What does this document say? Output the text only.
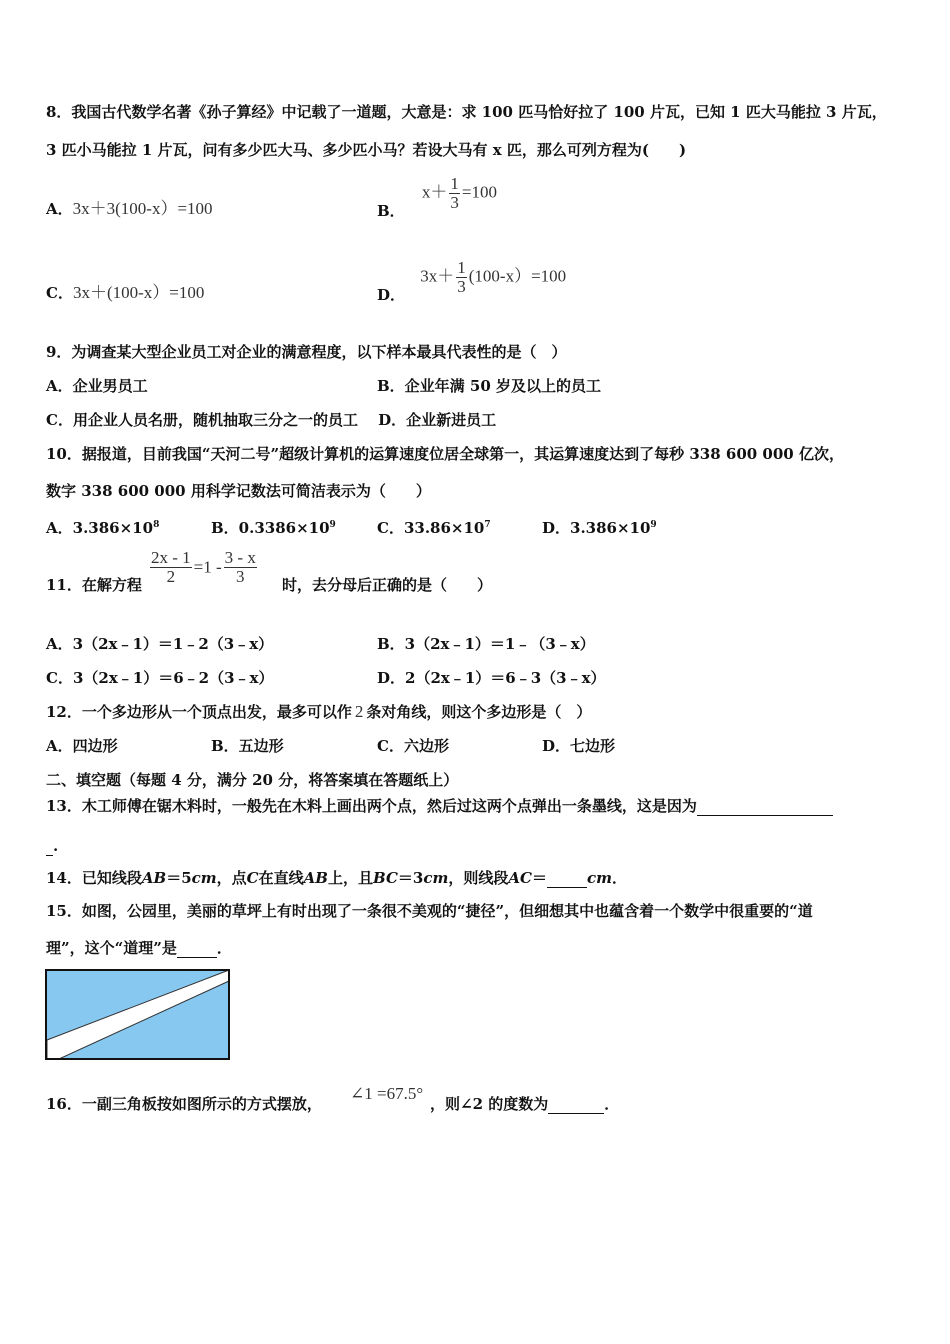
8．我国古代数学名著《孙子算经》中记载了一道题，大意是：求 100 匹马恰好拉了 100 片瓦，已知 1 匹大马能拉 3 片瓦，
3 匹小马能拉 1 片瓦，问有多少匹大马、多少匹小马？若设大马有 x 匹，那么可列方程为(　　)
A．3x＋3(100-x）=100	B． $x+ \frac{1}{3} =100$
C．3x＋(100-x）=100	D． $3x+ \frac{1}{3} (100-x)=100$
9．为调查某大型企业员工对企业的满意程度，以下样本最具代表性的是（　）
A．企业男员工	B．企业年满 50 岁及以上的员工
C．用企业人员名册，随机抽取三分之一的员工　 D．企业新进员工
10．据报道，目前我国“天河二号”超级计算机的运算速度位居全球第一，其运算速度达到了每秒 338 600 000 亿次，
数字 338 600 000 用科学记数法可简洁表示为（　　）
A．$3.386\times 10^8$	B．$0.3386\times 10^9$	C．$33.86\times 10^7$	D．$3.386\times 10^9$
11．在解方程 $\frac{2x - 1}{2} =1 - \frac{3 - x}{3}$ 时，去分母后正确的是（　　）
A．3（2x﹣1）＝1﹣2（3﹣x）	B．3（2x﹣1）＝1﹣（3﹣x）
C．3（2x﹣1）＝6﹣2（3﹣x）	D．2（2x﹣1）＝6﹣3（3﹣x）
12．一个多边形从一个顶点出发，最多可以作 2 条对角线，则这个多边形是（　）
A．四边形	B．五边形	C．六边形	D．七边形
二、填空题（每题 4 分，满分 20 分，将答案填在答题纸上）
13．木工师傅在锯木料时，一般先在木料上画出两个点，然后过这两个点弹出一条墨线，这是因为
.
14．已知线段AB＝5cm，点C在直线AB上，且BC＝3cm，则线段AC＝	cm．
15．如图，公园里，美丽的草坪上有时出现了一条很不美观的“捷径”，但细想其中也蕴含着一个数学中很重要的“道
理”，这个“道理”是	．
16．一副三角板按如图所示的方式摆放，
∠1 =67.5°
，则∠2 的度数为	．
